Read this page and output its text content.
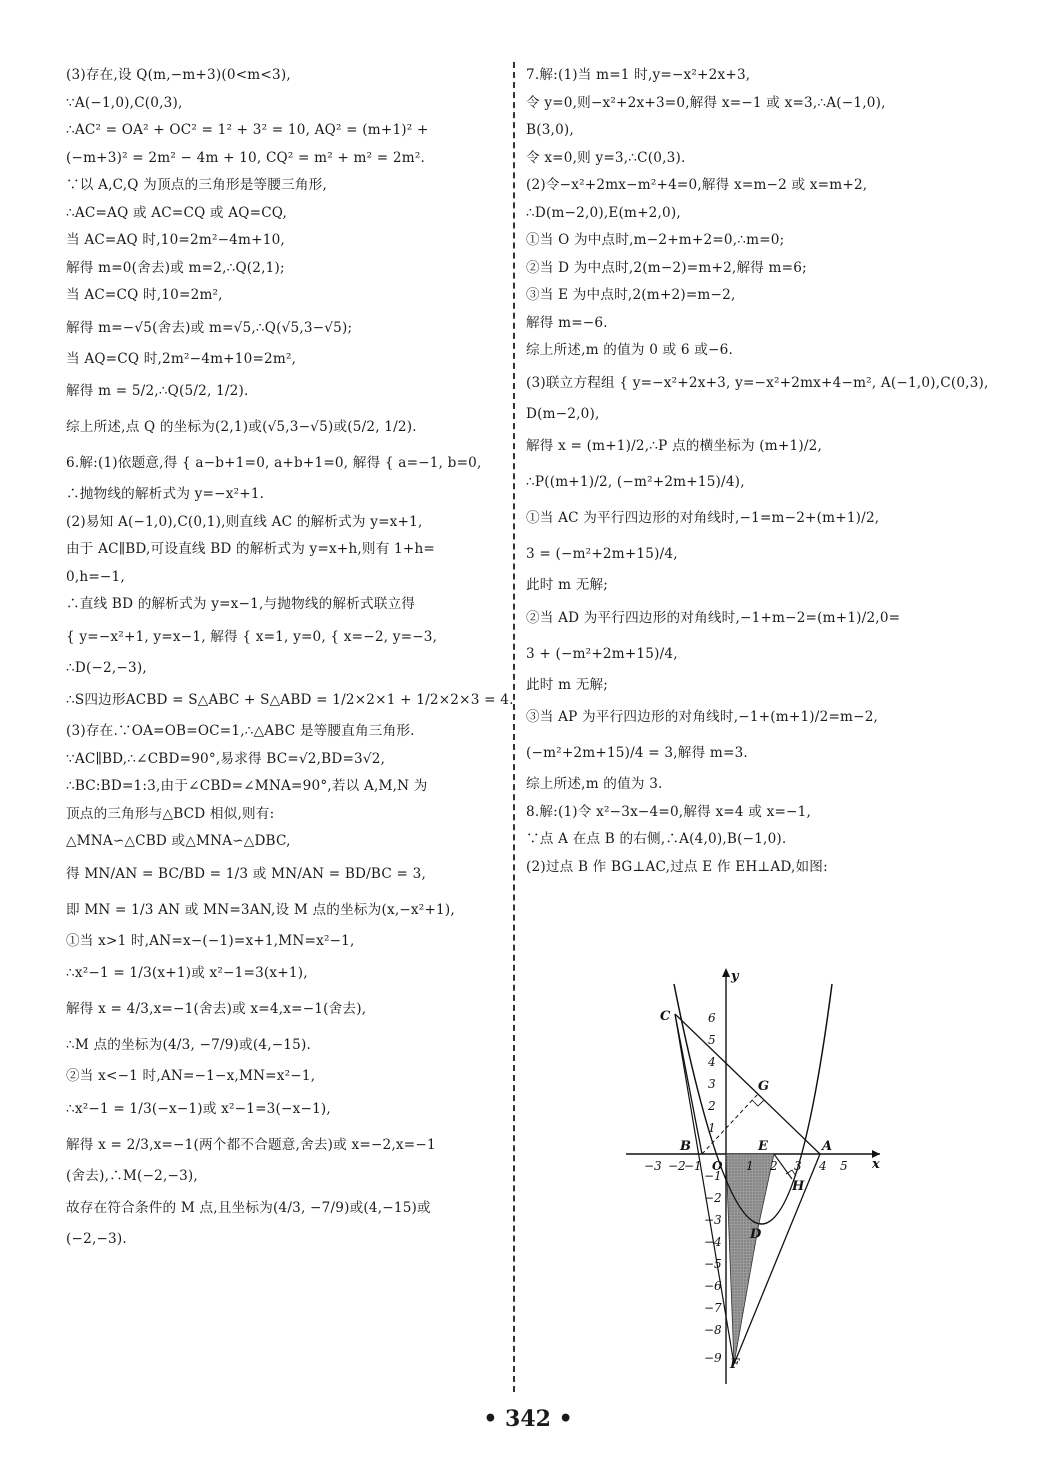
(3)存在,设 Q(m,−m+3)(0<m<3),
∵A(−1,0),C(0,3),
∴AC² = OA² + OC² = 1² + 3² = 10, AQ² = (m+1)² +
(−m+3)² = 2m² − 4m + 10, CQ² = m² + m² = 2m².
∵以 A,C,Q 为顶点的三角形是等腰三角形,
∴AC=AQ 或 AC=CQ 或 AQ=CQ,
当 AC=AQ 时,10=2m²−4m+10,
解得 m=0(舍去)或 m=2,∴Q(2,1);
当 AC=CQ 时,10=2m²,
解得 m=−√5(舍去)或 m=√5,∴Q(√5,3−√5);
当 AQ=CQ 时,2m²−4m+10=2m²,
解得 m = 5/2,∴Q(5/2, 1/2).
综上所述,点 Q 的坐标为(2,1)或(√5,3−√5)或(5/2, 1/2).
6.解:(1)依题意,得 { a−b+1=0, a+b+1=0, 解得 { a=−1, b=0,
∴抛物线的解析式为 y=−x²+1.
(2)易知 A(−1,0),C(0,1),则直线 AC 的解析式为 y=x+1,
由于 AC∥BD,可设直线 BD 的解析式为 y=x+h,则有 1+h=
0,h=−1,
∴直线 BD 的解析式为 y=x−1,与抛物线的解析式联立得
{ y=−x²+1, y=x−1, 解得 { x=1, y=0, { x=−2, y=−3,
∴D(−2,−3),
∴S四边形ACBD = S△ABC + S△ABD = 1/2×2×1 + 1/2×2×3 = 4.
(3)存在.∵OA=OB=OC=1,∴△ABC 是等腰直角三角形.
∵AC∥BD,∴∠CBD=90°,易求得 BC=√2,BD=3√2,
∴BC:BD=1:3,由于∠CBD=∠MNA=90°,若以 A,M,N 为
顶点的三角形与△BCD 相似,则有:
△MNA∽△CBD 或△MNA∽△DBC,
得 MN/AN = BC/BD = 1/3 或 MN/AN = BD/BC = 3,
即 MN = 1/3 AN 或 MN=3AN,设 M 点的坐标为(x,−x²+1),
①当 x>1 时,AN=x−(−1)=x+1,MN=x²−1,
∴x²−1 = 1/3(x+1)或 x²−1=3(x+1),
解得 x = 4/3,x=−1(舍去)或 x=4,x=−1(舍去),
∴M 点的坐标为(4/3, −7/9)或(4,−15).
②当 x<−1 时,AN=−1−x,MN=x²−1,
∴x²−1 = 1/3(−x−1)或 x²−1=3(−x−1),
解得 x = 2/3,x=−1(两个都不合题意,舍去)或 x=−2,x=−1
(舍去),∴M(−2,−3),
故存在符合条件的 M 点,且坐标为(4/3, −7/9)或(4,−15)或
(−2,−3).
7.解:(1)当 m=1 时,y=−x²+2x+3,
令 y=0,则−x²+2x+3=0,解得 x=−1 或 x=3,∴A(−1,0),
B(3,0),
令 x=0,则 y=3,∴C(0,3).
(2)令−x²+2mx−m²+4=0,解得 x=m−2 或 x=m+2,
∴D(m−2,0),E(m+2,0),
①当 O 为中点时,m−2+m+2=0,∴m=0;
②当 D 为中点时,2(m−2)=m+2,解得 m=6;
③当 E 为中点时,2(m+2)=m−2,
解得 m=−6.
综上所述,m 的值为 0 或 6 或−6.
(3)联立方程组 { y=−x²+2x+3, y=−x²+2mx+4−m², A(−1,0),C(0,3),
D(m−2,0),
解得 x = (m+1)/2,∴P 点的横坐标为 (m+1)/2,
∴P((m+1)/2, (−m²+2m+15)/4),
①当 AC 为平行四边形的对角线时,−1=m−2+(m+1)/2,
3 = (−m²+2m+15)/4,
此时 m 无解;
②当 AD 为平行四边形的对角线时,−1+m−2=(m+1)/2,0=
3 + (−m²+2m+15)/4,
此时 m 无解;
③当 AP 为平行四边形的对角线时,−1+(m+1)/2=m−2,
(−m²+2m+15)/4 = 3,解得 m=3.
综上所述,m 的值为 3.
8.解:(1)令 x²−3x−4=0,解得 x=4 或 x=−1,
∵点 A 在点 B 的右侧,∴A(4,0),B(−1,0).
(2)过点 B 作 BG⊥AC,过点 E 作 EH⊥AD,如图:
−3 −2
−1 O 1 2 3 4 5
6
5
4
3
2
1
−1
−2
−3
−4
−5
−6
−7
−8
−9
x
y
C
G
B	E	A
H
D
F
• 342 •
